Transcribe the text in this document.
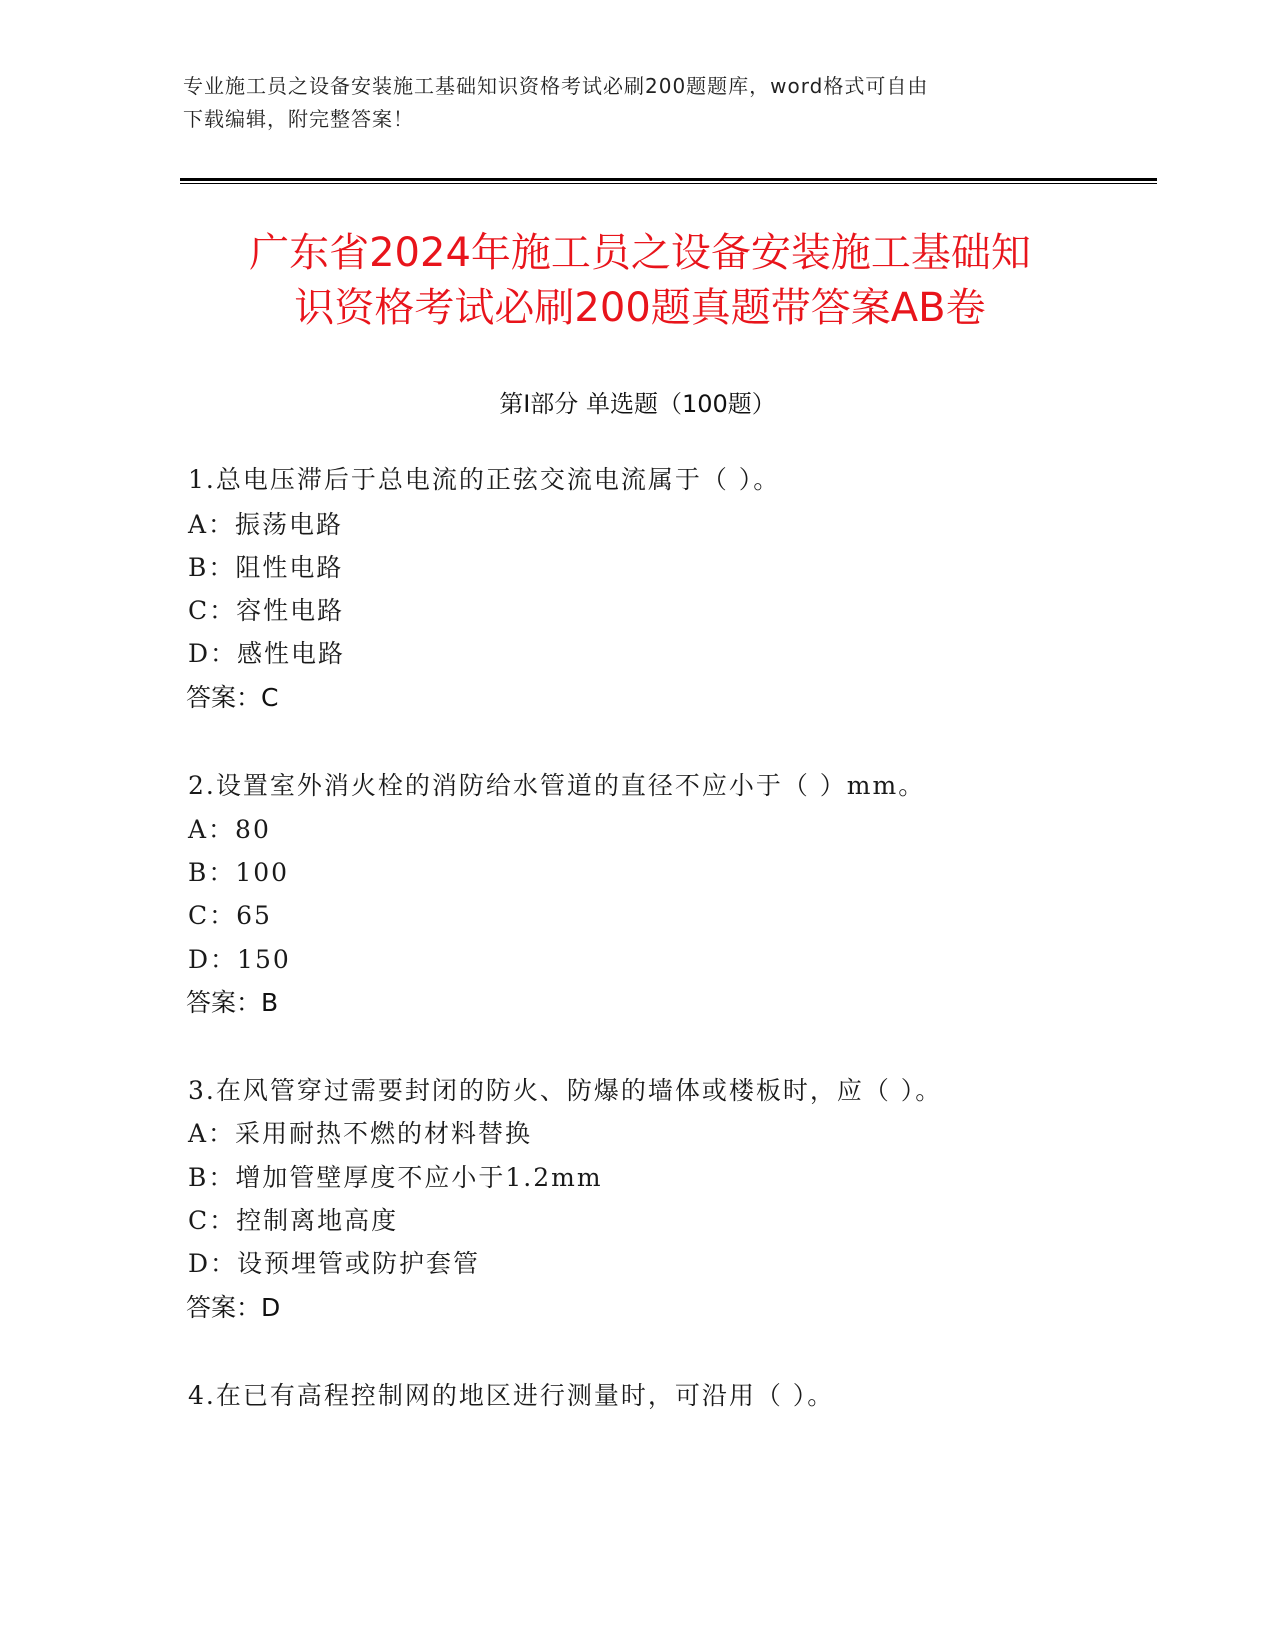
专业施工员之设备安装施工基础知识资格考试必刷200题题库，word格式可自由
下载编辑，附完整答案！
广东省2024年施工员之设备安装施工基础知
识资格考试必刷200题真题带答案AB卷
第Ⅰ部分 单选题（100题）
1.总电压滞后于总电流的正弦交流电流属于（ ）。
A：振荡电路
B：阻性电路
C：容性电路
D：感性电路
答案：C
2.设置室外消火栓的消防给水管道的直径不应小于（ ）mm。
A：80
B：100
C：65
D：150
答案：B
3.在风管穿过需要封闭的防火、防爆的墙体或楼板时，应（ ）。
A：采用耐热不燃的材料替换
B：增加管壁厚度不应小于1.2mm
C：控制离地高度
D：设预埋管或防护套管
答案：D
4.在已有高程控制网的地区进行测量时，可沿用（ ）。
